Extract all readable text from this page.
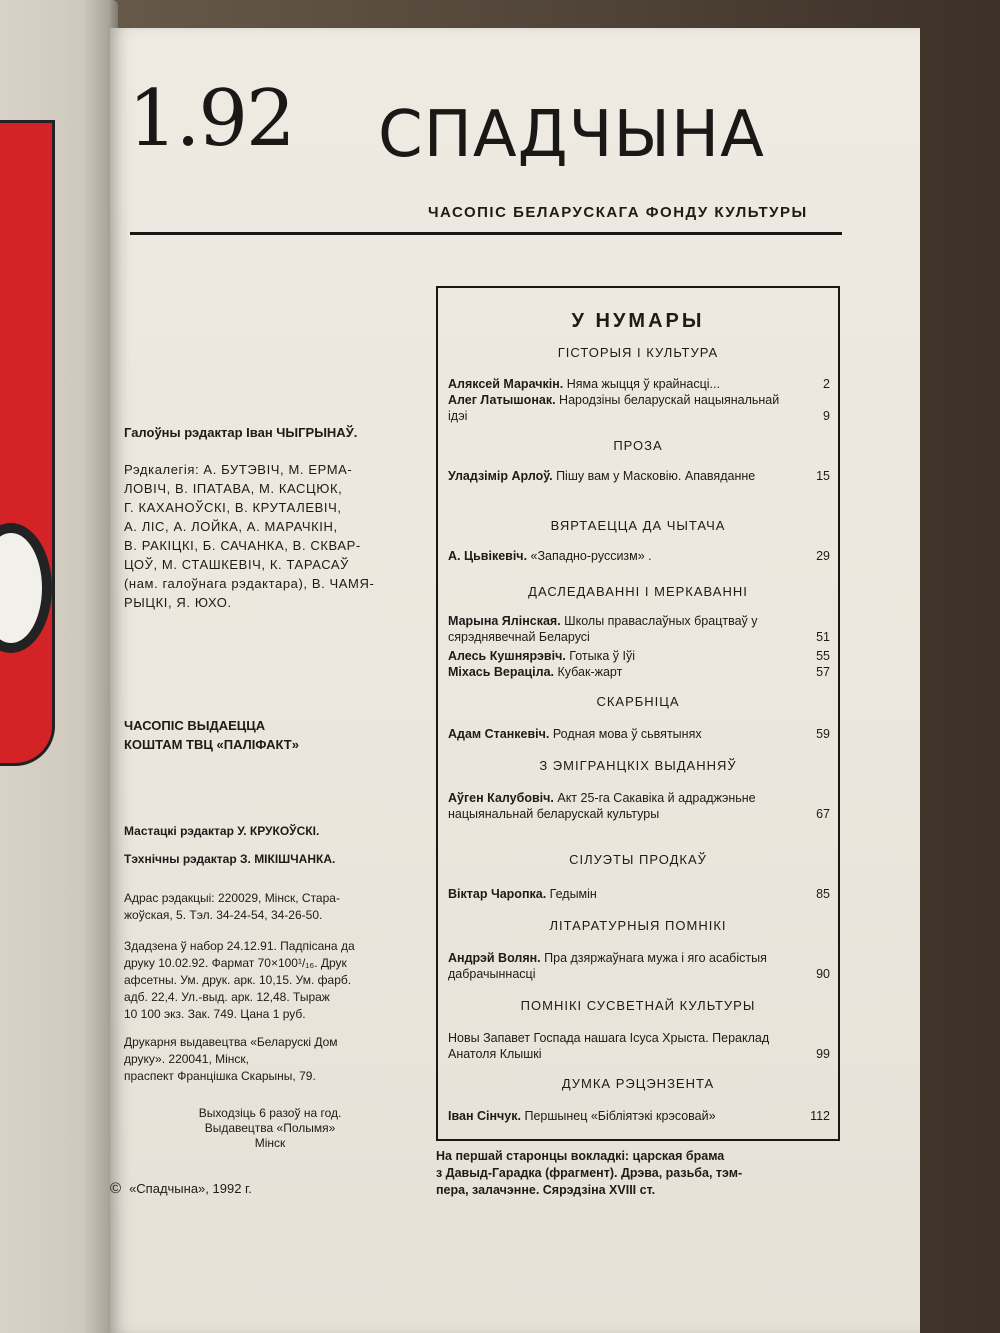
1.92 СПАДЧЫНА
ЧАСОПІС БЕЛАРУСКАГА ФОНДУ КУЛЬТУРЫ
Галоўны рэдактар Іван ЧЫГРЫНАЎ.
Рэдкалегія: А. БУТЭВІЧ, М. ЕРМА-
ЛОВІЧ, В. ІПАТАВА, М. КАСЦЮК,
Г. КАХАНОЎСКІ, В. КРУТАЛЕВІЧ,
А. ЛІС, А. ЛОЙКА, А. МАРАЧКІН,
В. РАКІЦКІ, Б. САЧАНКА, В. СКВАР-
ЦОЎ, М. СТАШКЕВІЧ, К. ТАРАСАЎ
(нам. галоўнага рэдактара), В. ЧАМЯ-
РЫЦКІ, Я. ЮХО.
ЧАСОПІС ВЫДАЕЦЦА
КОШТАМ ТВЦ «ПАЛІФАКТ»
Мастацкі рэдактар У. КРУКОЎСКІ.
Тэхнічны рэдактар З. МІКІШЧАНКА.
Адрас рэдакцыі: 220029, Мінск, Стара-
жоўская, 5. Тэл. 34-24-54, 34-26-50.
Здадзена ў набор 24.12.91. Падпісана да
друку 10.02.92. Фармат 70×100¹/₁₆. Друк
афсетны. Ум. друк. арк. 10,15. Ум. фарб.
адб. 22,4. Ул.-выд. арк. 12,48. Тыраж
10 100 экз. Зак. 749. Цана 1 руб.
Друкарня выдавецтва «Беларускі Дом
друку». 220041, Мінск,
праспект Францішка Скарыны, 79.
Выходзіць 6 разоў на год.
Выдавецтва «Полымя»
Мінск
© «Спадчына», 1992 г.
У НУМАРЫ
ГІСТОРЫЯ І КУЛЬТУРА
Аляксей Марачкін. Няма жыцця ў крайнасці...	2
Алег Латышонак. Народзіны беларускай нацыянальнай ідэі	9
ПРОЗА
Уладзімір Арлоў. Пішу вам у Масковію. Апавяданне	15
ВЯРТАЕЦЦА ДА ЧЫТАЧА
А. Цьвікевіч. «Западно-руссизм» .	29
ДАСЛЕДАВАННІ І МЕРКАВАННІ
Марына Ялінская. Школы праваслаўных брацтваў у сярэднявечнай Беларусі	51
Алесь Кушнярэвіч. Готыка ў Іўі	55
Міхась Вераціла. Кубак-жарт	57
СКАРБНІЦА
Адам Станкевіч. Родная мова ў сьвятынях	59
З ЭМІГРАНЦКІХ ВЫДАННЯЎ
Аўген Калубовіч. Акт 25-га Сакавіка й адраджэньне нацыянальнай беларускай культуры	67
СІЛУЭТЫ ПРОДКАЎ
Віктар Чаропка. Гедымін	85
ЛІТАРАТУРНЫЯ ПОМНІКІ
Андрэй Волян. Пра дзяржаўнага мужа і яго асабістыя дабрачыннасці	90
ПОМНІКІ СУСВЕТНАЙ КУЛЬТУРЫ
Новы Запавет Госпада нашага Ісуса Хрыста. Пераклад Анатоля Клышкі	99
ДУМКА РЭЦЭНЗЕНТА
Іван Сінчук. Першынец «Бібліятэкі крэсовай»	112
На першай старонцы вокладкі: царская брама
з Давыд-Гарадка (фрагмент). Дрэва, разьба, тэм-
пера, залачэнне. Сярэдзіна XVIII ст.
